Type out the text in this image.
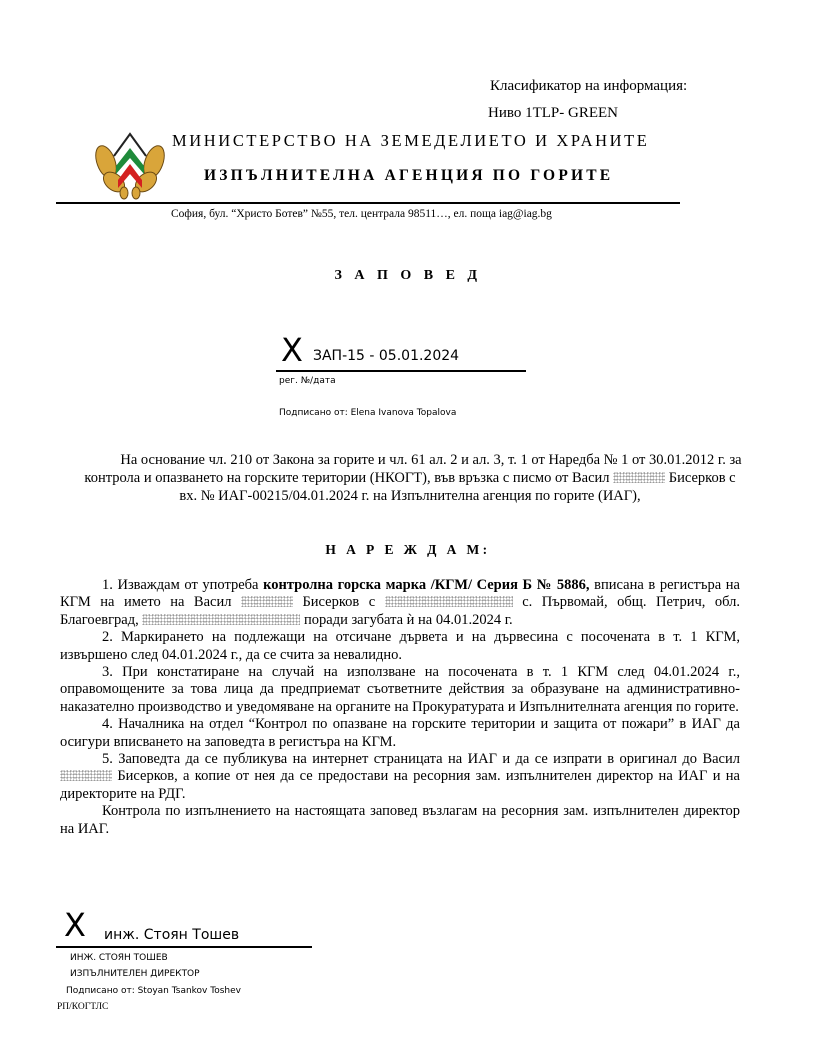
Класификатор на информация:
Ниво 1TLP- GREEN
МИНИСТЕРСТВО НА ЗЕМЕДЕЛИЕТО И ХРАНИТЕ
ИЗПЪЛНИТЕЛНА АГЕНЦИЯ ПО ГОРИТЕ
София, бул. “Христо Ботев” №55, тел. централа 98511…, ел. поща iag@iag.bg
З А П О В Е Д
X ЗАП-15 - 05.01.2024
рег. №/дата
Подписано от: Elena Ivanova Topalova
На основание чл. 210 от Закона за горите и чл. 61 ал. 2 и ал. 3, т. 1 от Наредба № 1 от 30.01.2012 г. за контрола и опазването на горските територии (НКОГТ), във връзка с писмо от Васил	Бисерков с вх. № ИАГ-00215/04.01.2024 г. на Изпълнителна агенция по горите (ИАГ),
Н А Р Е Ж Д А М:

1. Изваждам от употреба контролна горска марка /КГМ/ Серия Б № 5886, вписана в регистъра на КГМ на името на Васил	Бисерков с	с. Първомай, общ. Петрич, обл. Благоевград,	поради загубата ѝ на 04.01.2024 г.

2. Маркирането на подлежащи на отсичане дървета и на дървесина с посочената в т. 1 КГМ, извършено след 04.01.2024 г., да се счита за невалидно.

3. При констатиране на случай на използване на посочената в т. 1 КГМ след 04.01.2024 г., оправомощените за това лица да предприемат съответните действия за образуване на административно-наказателно производство и уведомяване на органите на Прокуратурата и Изпълнителната агенция по горите.

4. Началника на отдел “Контрол по опазване на горските територии и защита от пожари” в ИАГ да осигури вписването на заповедта в регистъра на КГМ.

5. Заповедта да се публикува на интернет страницата на ИАГ и да се изпрати в оригинал до Васил  Бисерков, а копие от нея да се предостави на ресорния зам. изпълнителен директор на ИАГ и на директорите на РДГ.

Контрола по изпълнението на настоящата заповед възлагам на ресорния зам. изпълнителен директор на ИАГ.

X инж. Стоян Тошев
ИНЖ. СТОЯН ТОШЕВ
ИЗПЪЛНИТЕЛЕН ДИРЕКТОР
Подписано от: Stoyan Tsankov Toshev
РП/КОГТЛС
